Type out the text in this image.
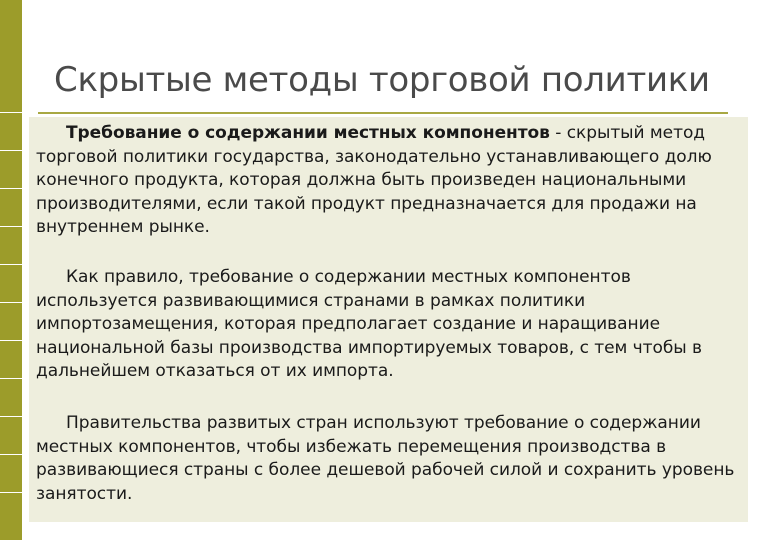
Скрытые методы торговой политики

Требование о содержании местных компонентов - скрытый метод торговой политики государства, законодательно устанавливающего долю конечного продукта, которая должна быть произведен национальными производителями, если такой продукт предназначается для продажи на внутреннем рынке.

Как правило, требование о содержании местных компонентов используется развивающимися странами в рамках политики импортозамещения, которая предполагает создание и наращивание национальной базы производства импортируемых товаров, с тем чтобы в дальнейшем отказаться от их импорта.

Правительства развитых стран используют требование о содержании местных компонентов, чтобы избежать перемещения производства в развивающиеся страны с более дешевой рабочей силой и сохранить уровень занятости.
